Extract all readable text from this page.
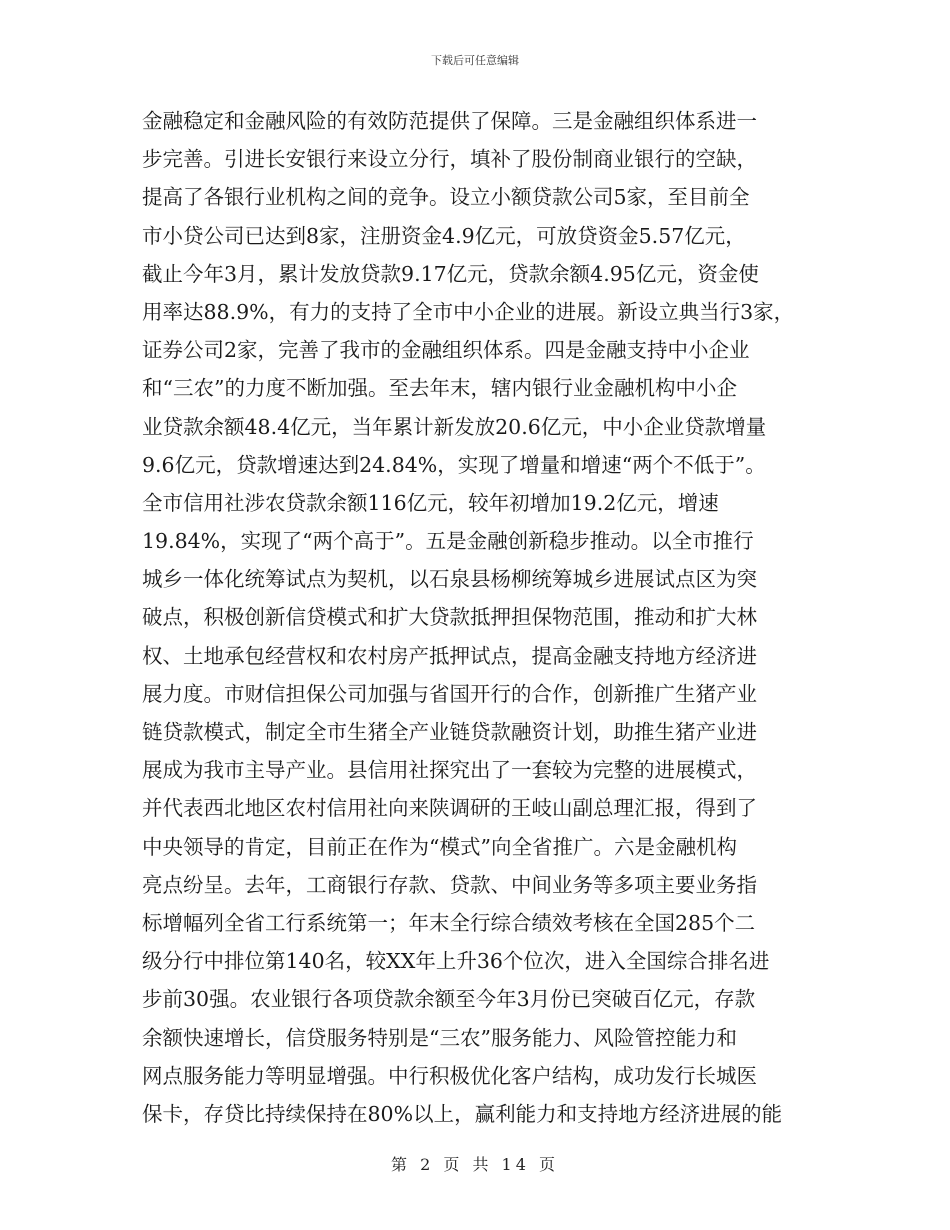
下载后可任意编辑
金融稳定和金融风险的有效防范提供了保障。三是金融组织体系进一
步完善。引进长安银行来设立分行，填补了股份制商业银行的空缺，
提高了各银行业机构之间的竞争。设立小额贷款公司5家，至目前全
市小贷公司已达到8家，注册资金4.9亿元，可放贷资金5.57亿元，
截止今年3月，累计发放贷款9.17亿元，贷款余额4.95亿元，资金使
用率达88.9%，有力的支持了全市中小企业的进展。新设立典当行3家，
证券公司2家，完善了我市的金融组织体系。四是金融支持中小企业
和“三农”的力度不断加强。至去年末，辖内银行业金融机构中小企
业贷款余额48.4亿元，当年累计新发放20.6亿元，中小企业贷款增量
9.6亿元，贷款增速达到24.84%，实现了增量和增速“两个不低于”。
全市信用社涉农贷款余额116亿元，较年初增加19.2亿元，增速
19.84%，实现了“两个高于”。五是金融创新稳步推动。以全市推行
城乡一体化统筹试点为契机，以石泉县杨柳统筹城乡进展试点区为突
破点，积极创新信贷模式和扩大贷款抵押担保物范围，推动和扩大林
权、土地承包经营权和农村房产抵押试点，提高金融支持地方经济进
展力度。市财信担保公司加强与省国开行的合作，创新推广生猪产业
链贷款模式，制定全市生猪全产业链贷款融资计划，助推生猪产业进
展成为我市主导产业。县信用社探究出了一套较为完整的进展模式，
并代表西北地区农村信用社向来陕调研的王岐山副总理汇报，得到了
中央领导的肯定，目前正在作为“模式”向全省推广。六是金融机构
亮点纷呈。去年，工商银行存款、贷款、中间业务等多项主要业务指
标增幅列全省工行系统第一；年末全行综合绩效考核在全国285个二
级分行中排位第140名，较XX年上升36个位次，进入全国综合排名进
步前30强。农业银行各项贷款余额至今年3月份已突破百亿元，存款
余额快速增长，信贷服务特别是“三农”服务能力、风险管控能力和
网点服务能力等明显增强。中行积极优化客户结构，成功发行长城医
保卡，存贷比持续保持在80%以上，赢利能力和支持地方经济进展的能
第 2 页 共 14 页
